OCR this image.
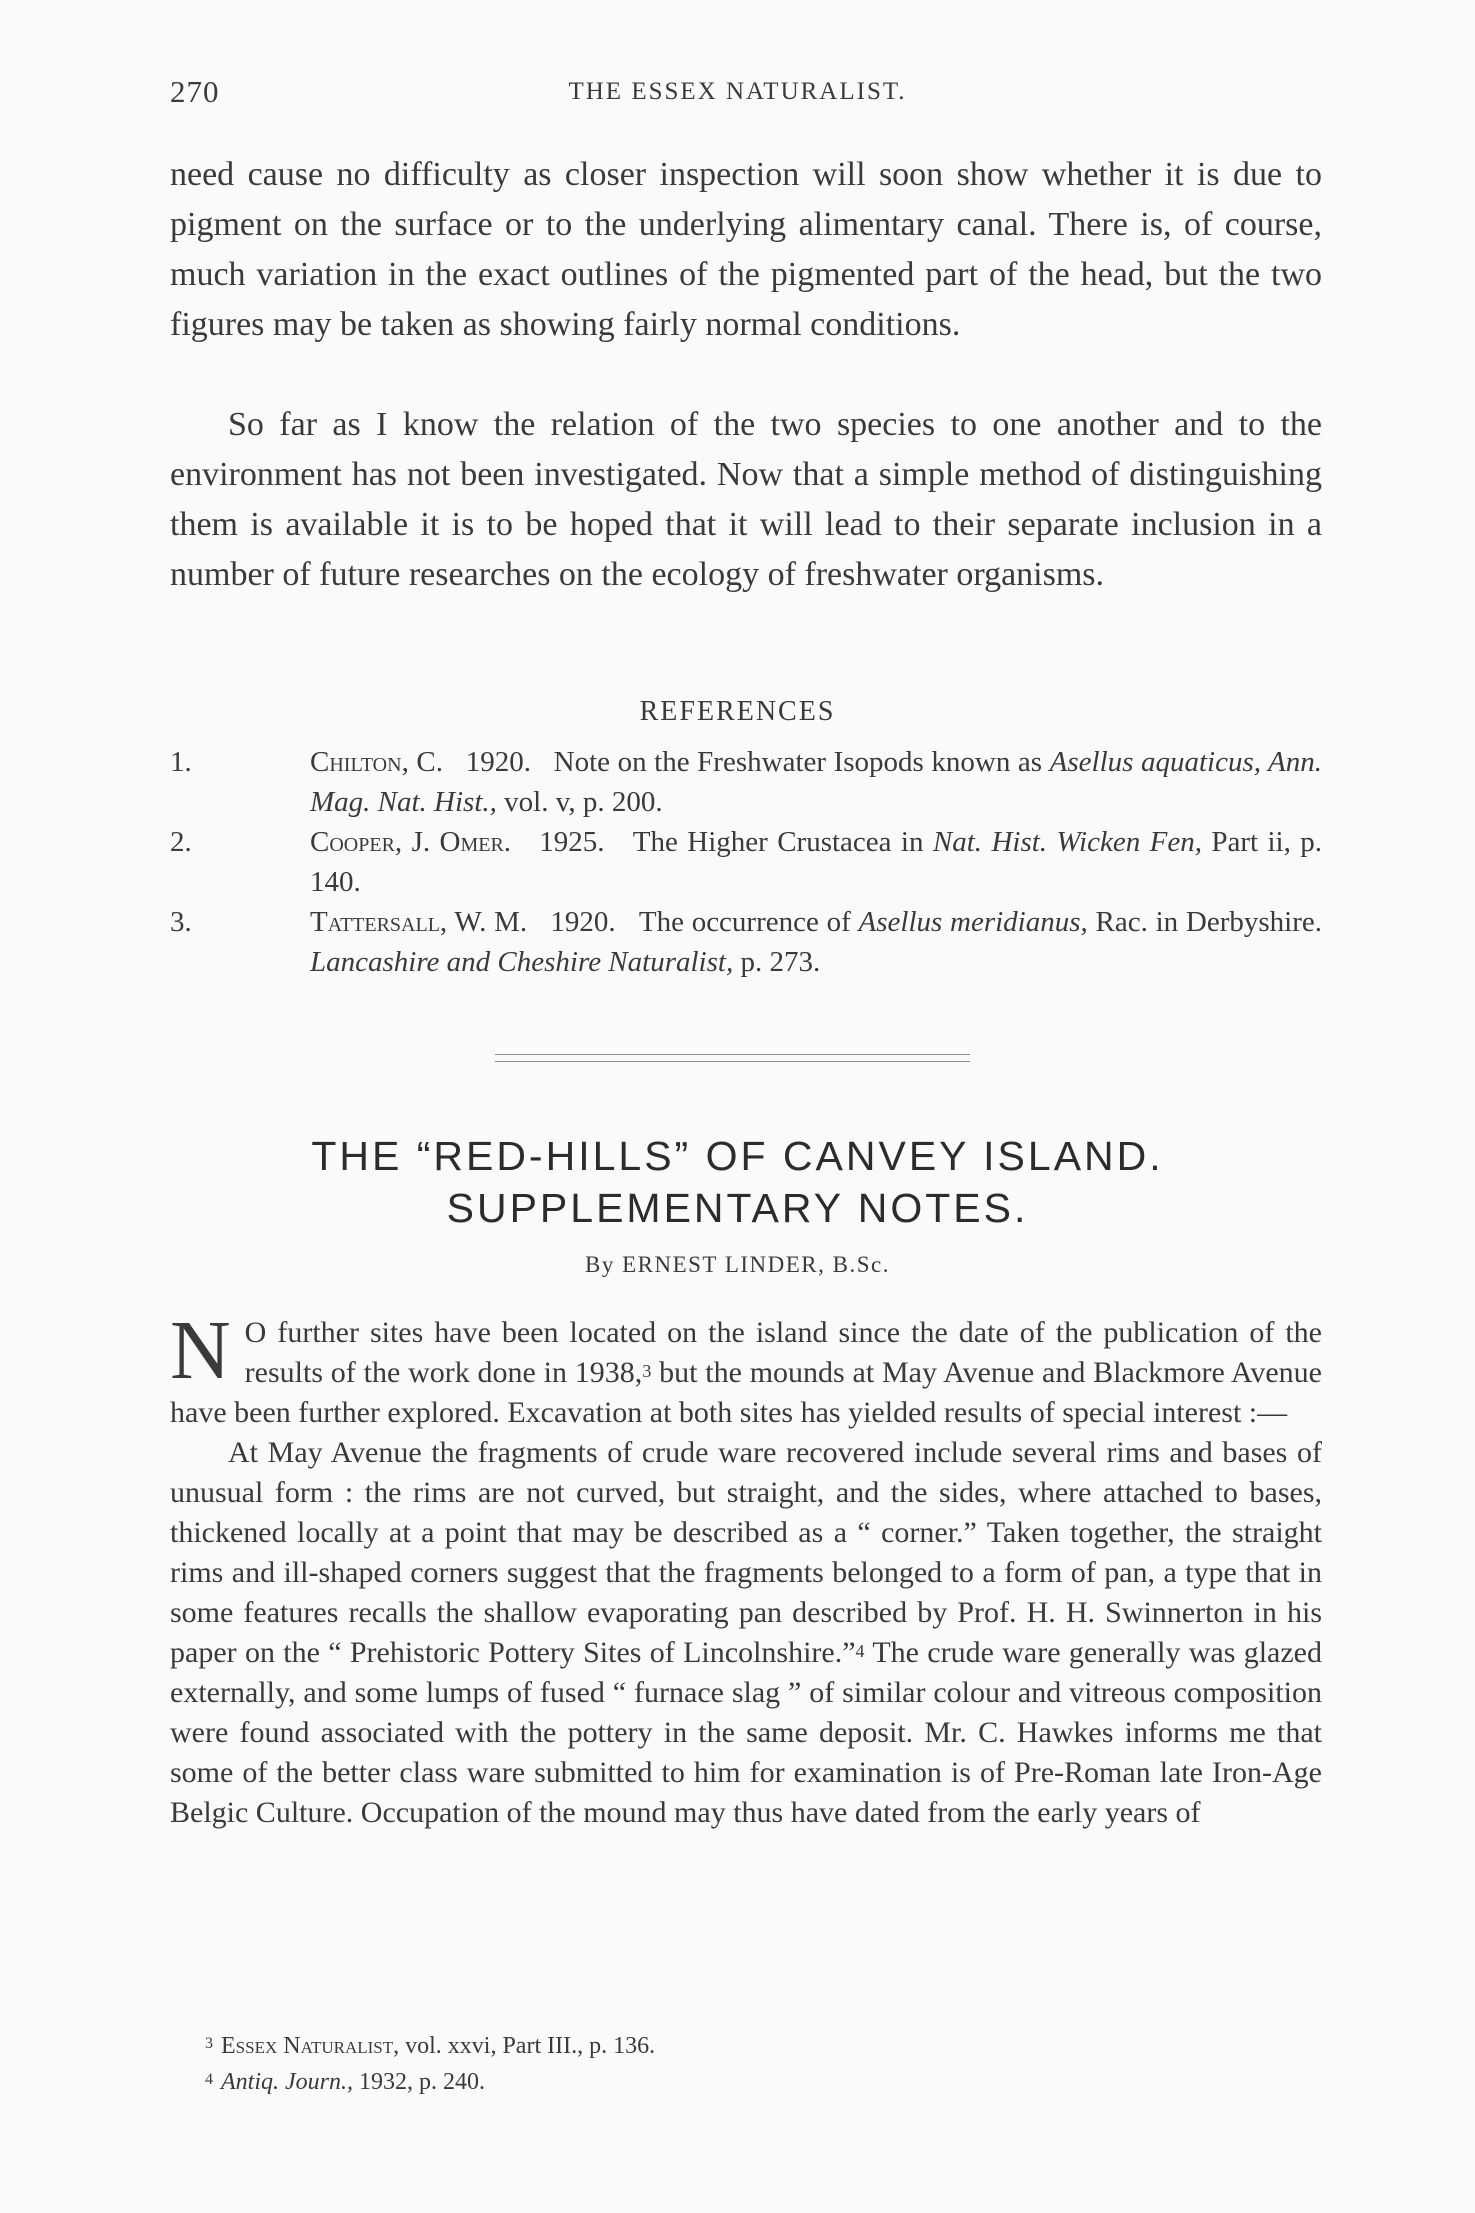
270	THE ESSEX NATURALIST.

need cause no difficulty as closer inspection will soon show whether it is due to pigment on the surface or to the underlying alimentary canal. There is, of course, much variation in the exact outlines of the pigmented part of the head, but the two figures may be taken as showing fairly normal conditions.

So far as I know the relation of the two species to one another and to the environment has not been investigated. Now that a simple method of distinguishing them is available it is to be hoped that it will lead to their separate inclusion in a number of future researches on the ecology of freshwater organisms.

REFERENCES

1.	Chilton, C. 1920. Note on the Freshwater Isopods known as Asellus aquaticus, Ann. Mag. Nat. Hist., vol. v, p. 200.

2.	Cooper, J. Omer. 1925. The Higher Crustacea in Nat. Hist. Wicken Fen, Part ii, p. 140.

3.	Tattersall, W. M. 1920. The occurrence of Asellus meridianus, Rac. in Derbyshire. Lancashire and Cheshire Naturalist, p. 273.

THE “RED-HILLS” OF CANVEY ISLAND.
SUPPLEMENTARY NOTES.
By ERNEST LINDER, B.Sc.

N O further sites have been located on the island since the date of the publication of the results of the work done in 1938,$^3$ but the mounds at May Avenue and Blackmore Avenue have been further explored. Excavation at both sites has yielded results of special interest :—

At May Avenue the fragments of crude ware recovered include several rims and bases of unusual form : the rims are not curved, but straight, and the sides, where attached to bases, thickened locally at a point that may be described as a “ corner.” Taken together, the straight rims and ill-shaped corners suggest that the fragments belonged to a form of pan, a type that in some features recalls the shallow evaporating pan described by Prof. H. H. Swinnerton in his paper on the “ Prehistoric Pottery Sites of Lincolnshire.”$^4$ The crude ware generally was glazed externally, and some lumps of fused “ furnace slag ” of similar colour and vitreous composition were found associated with the pottery in the same deposit. Mr. C. Hawkes informs me that some of the better class ware submitted to him for examination is of Pre-Roman late Iron-Age Belgic Culture. Occupation of the mound may thus have dated from the early years of

$^3$ Essex Naturalist, vol. xxvi, Part III., p. 136.

$^4$ Antiq. Journ., 1932, p. 240.
